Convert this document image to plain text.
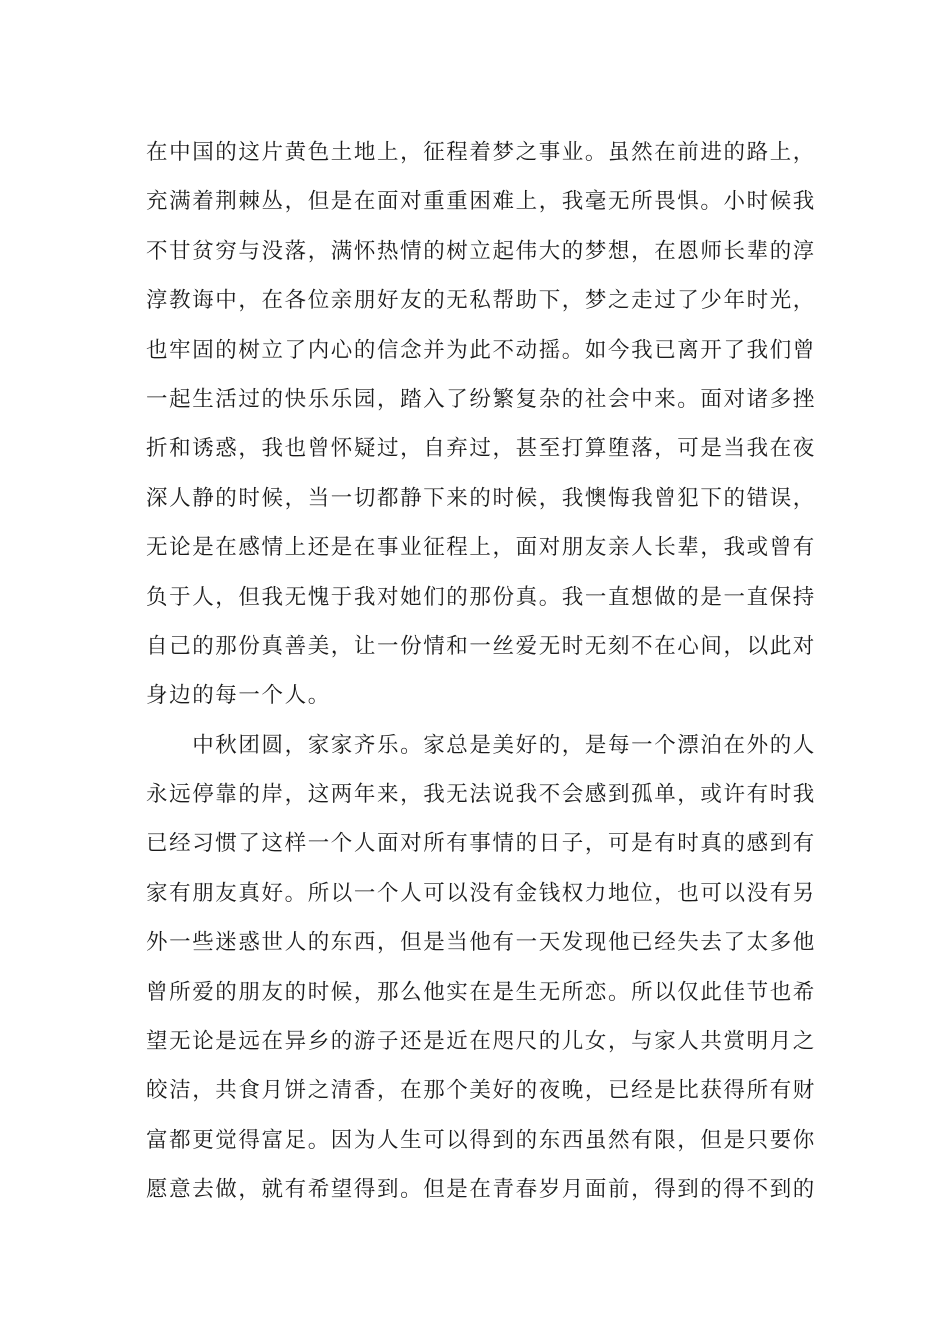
在中国的这片黄色土地上，征程着梦之事业。虽然在前进的路上，
充满着荆棘丛，但是在面对重重困难上，我毫无所畏惧。小时候我
不甘贫穷与没落，满怀热情的树立起伟大的梦想，在恩师长辈的淳
淳教诲中，在各位亲朋好友的无私帮助下，梦之走过了少年时光，
也牢固的树立了内心的信念并为此不动摇。如今我已离开了我们曾
一起生活过的快乐乐园，踏入了纷繁复杂的社会中来。面对诸多挫
折和诱惑，我也曾怀疑过，自弃过，甚至打算堕落，可是当我在夜
深人静的时候，当一切都静下来的时候，我懊悔我曾犯下的错误，
无论是在感情上还是在事业征程上，面对朋友亲人长辈，我或曾有
负于人，但我无愧于我对她们的那份真。我一直想做的是一直保持
自己的那份真善美，让一份情和一丝爱无时无刻不在心间，以此对
身边的每一个人。
　　中秋团圆，家家齐乐。家总是美好的，是每一个漂泊在外的人
永远停靠的岸，这两年来，我无法说我不会感到孤单，或许有时我
已经习惯了这样一个人面对所有事情的日子，可是有时真的感到有
家有朋友真好。所以一个人可以没有金钱权力地位，也可以没有另
外一些迷惑世人的东西，但是当他有一天发现他已经失去了太多他
曾所爱的朋友的时候，那么他实在是生无所恋。所以仅此佳节也希
望无论是远在异乡的游子还是近在咫尺的儿女，与家人共赏明月之
皎洁，共食月饼之清香，在那个美好的夜晚，已经是比获得所有财
富都更觉得富足。因为人生可以得到的东西虽然有限，但是只要你
愿意去做，就有希望得到。但是在青春岁月面前，得到的得不到的
